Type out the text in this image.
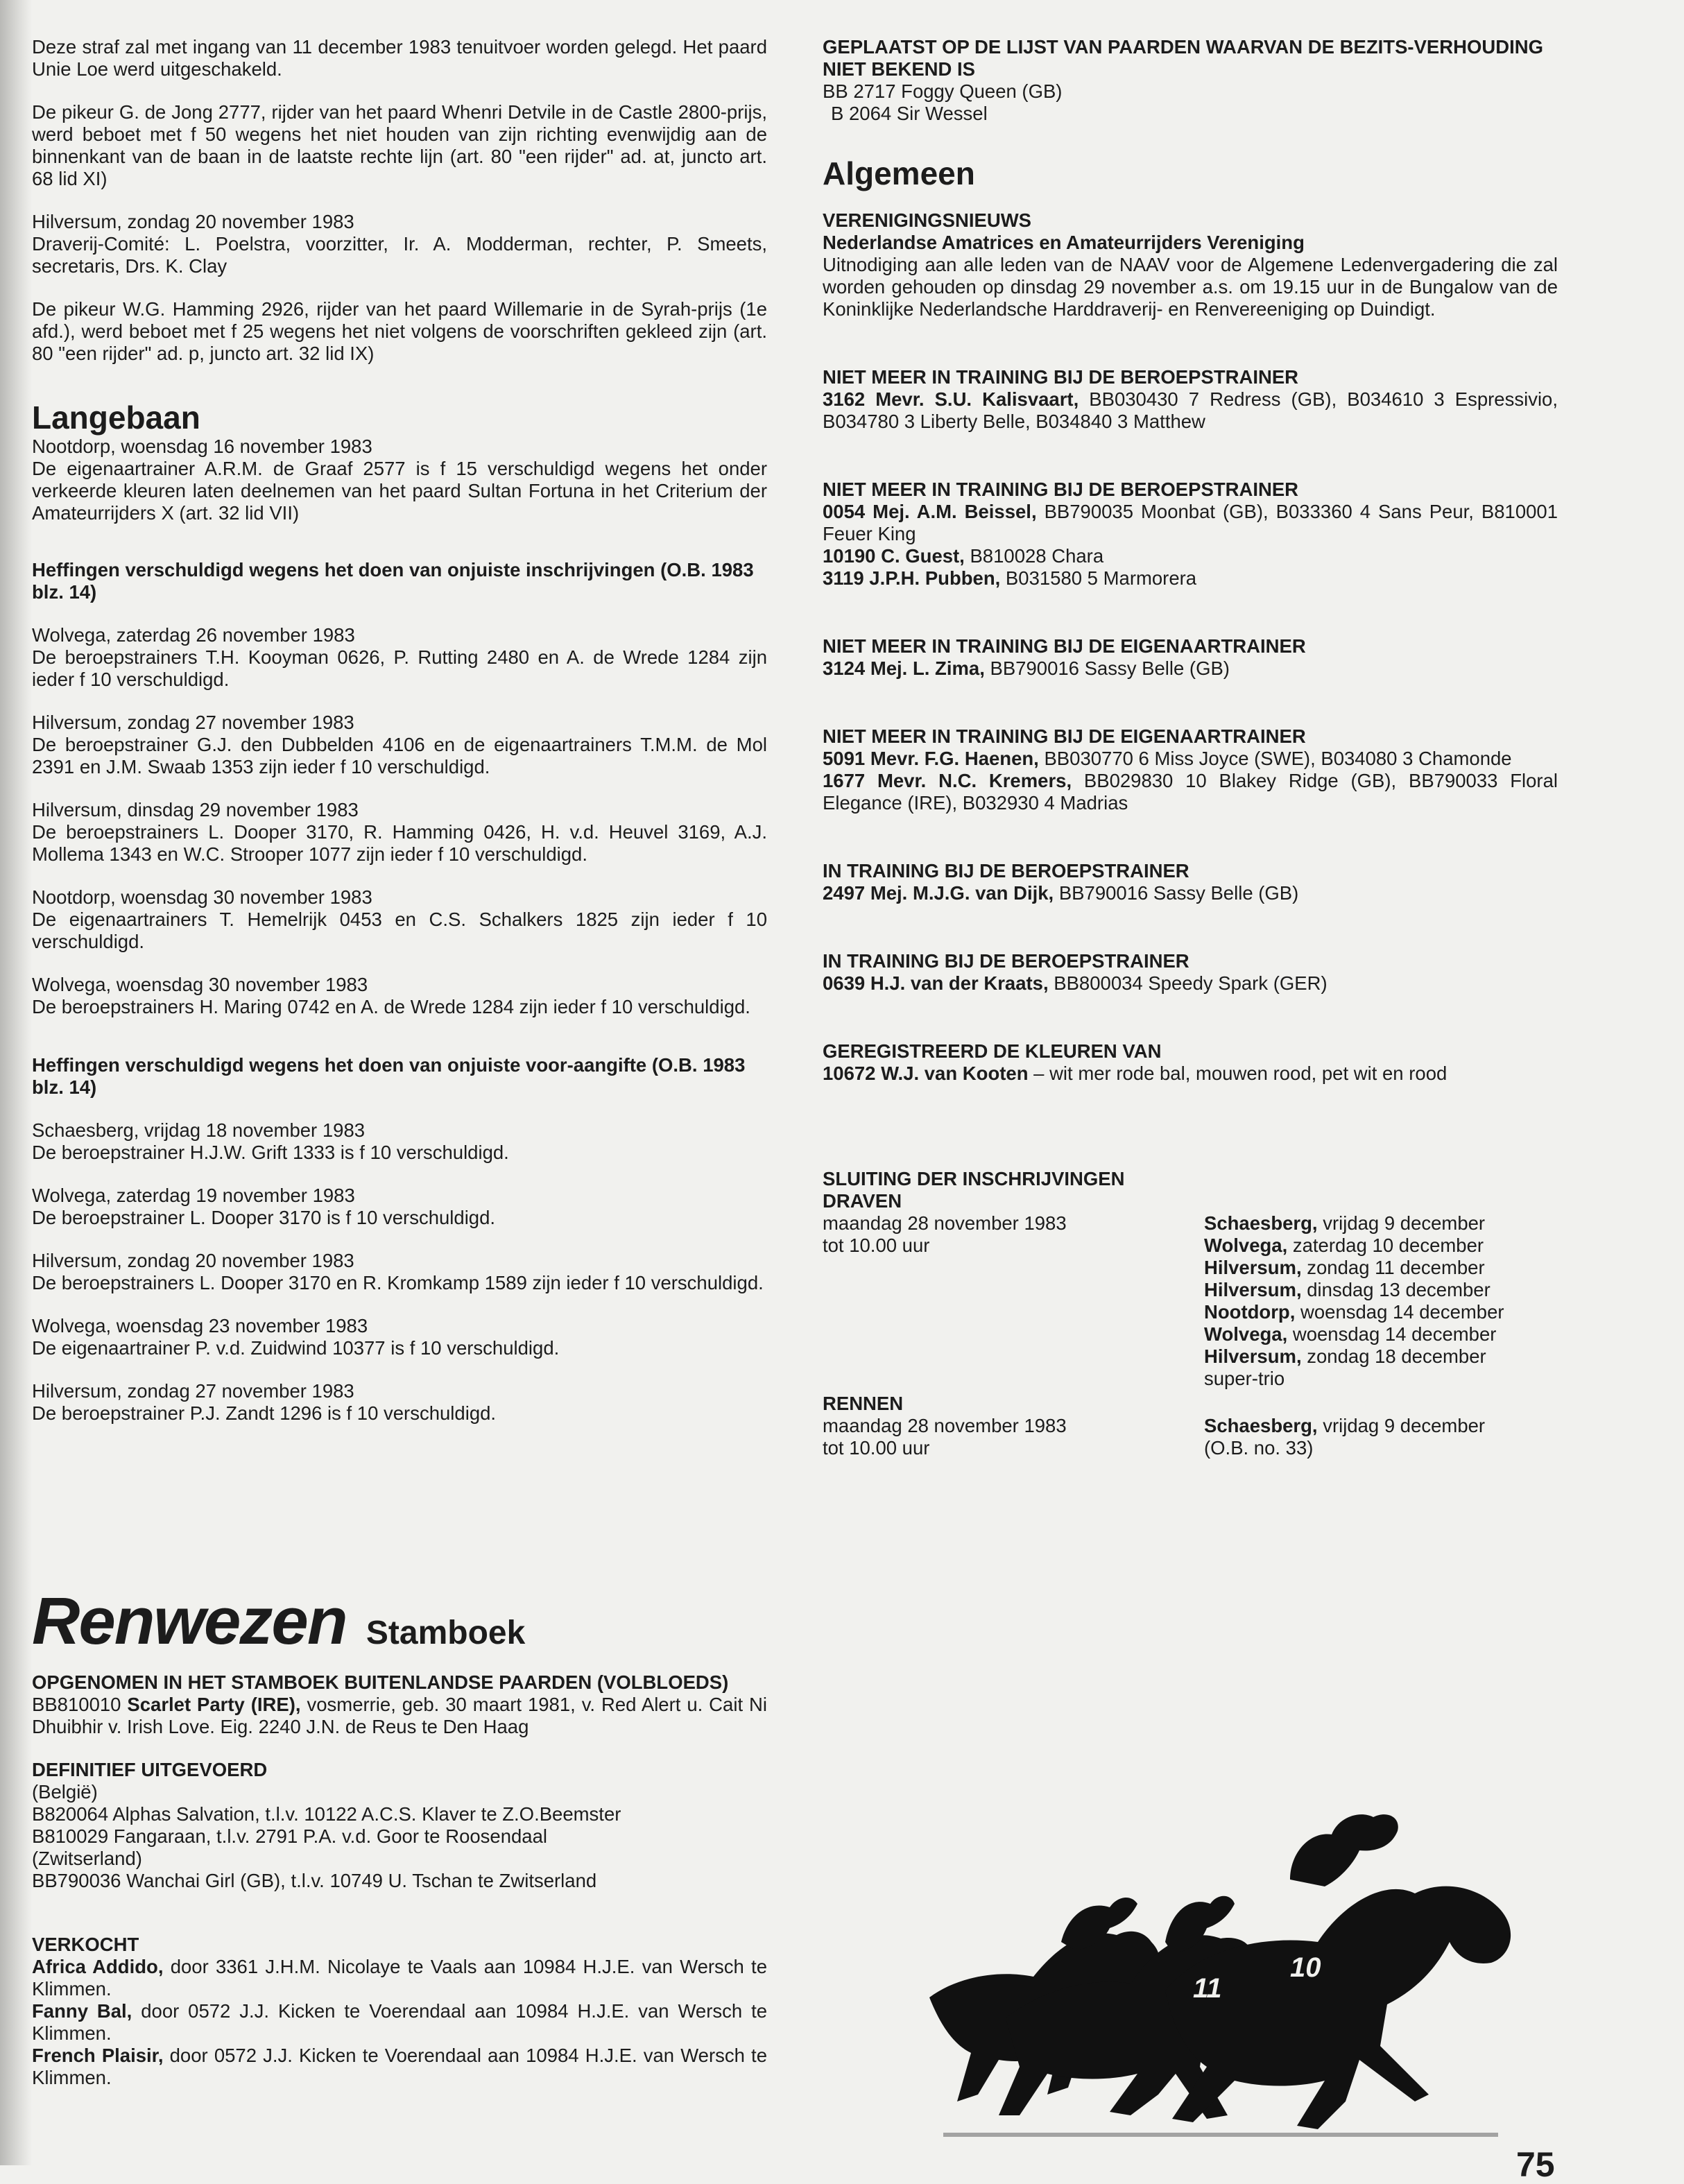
Deze straf zal met ingang van 11 december 1983 tenuitvoer worden gelegd. Het paard Unie Loe werd uitgeschakeld.

De pikeur G. de Jong 2777, rijder van het paard Whenri Detvile in de Castle 2800-prijs, werd beboet met f 50 wegens het niet houden van zijn richting evenwijdig aan de binnenkant van de baan in de laatste rechte lijn (art. 80 "een rijder" ad. at, juncto art. 68 lid XI)

Hilversum, zondag 20 november 1983

Draverij-Comité: L. Poelstra, voorzitter, Ir. A. Modderman, rechter, P. Smeets, secretaris, Drs. K. Clay

De pikeur W.G. Hamming 2926, rijder van het paard Willemarie in de Syrah-prijs (1e afd.), werd beboet met f 25 wegens het niet volgens de voorschriften gekleed zijn (art. 80 "een rijder" ad. p, juncto art. 32 lid IX)

Langebaan

Nootdorp, woensdag 16 november 1983

De eigenaartrainer A.R.M. de Graaf 2577 is f 15 verschuldigd wegens het onder verkeerde kleuren laten deelnemen van het paard Sultan Fortuna in het Criterium der Amateurrijders X (art. 32 lid VII)

Heffingen verschuldigd wegens het doen van onjuiste inschrijvingen (O.B. 1983 blz. 14)

Wolvega, zaterdag 26 november 1983

De beroepstrainers T.H. Kooyman 0626, P. Rutting 2480 en A. de Wrede 1284 zijn ieder f 10 verschuldigd.

Hilversum, zondag 27 november 1983

De beroepstrainer G.J. den Dubbelden 4106 en de eigenaartrainers T.M.M. de Mol 2391 en J.M. Swaab 1353 zijn ieder f 10 verschuldigd.

Hilversum, dinsdag 29 november 1983

De beroepstrainers L. Dooper 3170, R. Hamming 0426, H. v.d. Heuvel 3169, A.J. Mollema 1343 en W.C. Strooper 1077 zijn ieder f 10 verschuldigd.

Nootdorp, woensdag 30 november 1983

De eigenaartrainers T. Hemelrijk 0453 en C.S. Schalkers 1825 zijn ieder f 10 verschuldigd.

Wolvega, woensdag 30 november 1983

De beroepstrainers H. Maring 0742 en A. de Wrede 1284 zijn ieder f 10 verschuldigd.

Heffingen verschuldigd wegens het doen van onjuiste voor-aangifte (O.B. 1983 blz. 14)

Schaesberg, vrijdag 18 november 1983

De beroepstrainer H.J.W. Grift 1333 is f 10 verschuldigd.

Wolvega, zaterdag 19 november 1983

De beroepstrainer L. Dooper 3170 is f 10 verschuldigd.

Hilversum, zondag 20 november 1983

De beroepstrainers L. Dooper 3170 en R. Kromkamp 1589 zijn ieder f 10 verschuldigd.

Wolvega, woensdag 23 november 1983

De eigenaartrainer P. v.d. Zuidwind 10377 is f 10 verschuldigd.

Hilversum, zondag 27 november 1983

De beroepstrainer P.J. Zandt 1296 is f 10 verschuldigd.

GEPLAATST OP DE LIJST VAN PAARDEN WAARVAN DE BEZITS-VERHOUDING NIET BEKEND IS

BB 2717 Foggy Queen (GB)

B 2064 Sir Wessel

Algemeen

VERENIGINGSNIEUWS

Nederlandse Amatrices en Amateurrijders Vereniging

Uitnodiging aan alle leden van de NAAV voor de Algemene Ledenvergadering die zal worden gehouden op dinsdag 29 november a.s. om 19.15 uur in de Bungalow van de Koninklijke Nederlandsche Harddraverij- en Renvereeniging op Duindigt.

NIET MEER IN TRAINING BIJ DE BEROEPSTRAINER

3162 Mevr. S.U. Kalisvaart, BB030430 7 Redress (GB), B034610 3 Espressivio, B034780 3 Liberty Belle, B034840 3 Matthew

NIET MEER IN TRAINING BIJ DE BEROEPSTRAINER

0054 Mej. A.M. Beissel, BB790035 Moonbat (GB), B033360 4 Sans Peur, B810001 Feuer King

10190 C. Guest, B810028 Chara

3119 J.P.H. Pubben, B031580 5 Marmorera

NIET MEER IN TRAINING BIJ DE EIGENAARTRAINER

3124 Mej. L. Zima, BB790016 Sassy Belle (GB)

NIET MEER IN TRAINING BIJ DE EIGENAARTRAINER

5091 Mevr. F.G. Haenen, BB030770 6 Miss Joyce (SWE), B034080 3 Chamonde

1677 Mevr. N.C. Kremers, BB029830 10 Blakey Ridge (GB), BB790033 Floral Elegance (IRE), B032930 4 Madrias

IN TRAINING BIJ DE BEROEPSTRAINER

2497 Mej. M.J.G. van Dijk, BB790016 Sassy Belle (GB)

IN TRAINING BIJ DE BEROEPSTRAINER

0639 H.J. van der Kraats, BB800034 Speedy Spark (GER)

GEREGISTREERD DE KLEUREN VAN

10672 W.J. van Kooten – wit mer rode bal, mouwen rood, pet wit en rood

SLUITING DER INSCHRIJVINGEN

DRAVEN

maandag 28 november 1983

tot 10.00 uur

Schaesberg, vrijdag 9 december

Wolvega, zaterdag 10 december

Hilversum, zondag 11 december

Hilversum, dinsdag 13 december

Nootdorp, woensdag 14 december

Wolvega, woensdag 14 december

Hilversum, zondag 18 december

super-trio

RENNEN

maandag 28 november 1983

tot 10.00 uur

Schaesberg, vrijdag 9 december

(O.B. no. 33)

Renwezen Stamboek

OPGENOMEN IN HET STAMBOEK BUITENLANDSE PAARDEN (VOLBLOEDS)

BB810010 Scarlet Party (IRE), vosmerrie, geb. 30 maart 1981, v. Red Alert u. Cait Ni Dhuibhir v. Irish Love. Eig. 2240 J.N. de Reus te Den Haag

DEFINITIEF UITGEVOERD

(België)

B820064 Alphas Salvation, t.l.v. 10122 A.C.S. Klaver te Z.O.Beemster

B810029 Fangaraan, t.l.v. 2791 P.A. v.d. Goor te Roosendaal

(Zwitserland)

BB790036 Wanchai Girl (GB), t.l.v. 10749 U. Tschan te Zwitserland

VERKOCHT

Africa Addido, door 3361 J.H.M. Nicolaye te Vaals aan 10984 H.J.E. van Wersch te Klimmen.

Fanny Bal, door 0572 J.J. Kicken te Voerendaal aan 10984 H.J.E. van Wersch te Klimmen.

French Plaisir, door 0572 J.J. Kicken te Voerendaal aan 10984 H.J.E. van Wersch te Klimmen.

11
10
75
